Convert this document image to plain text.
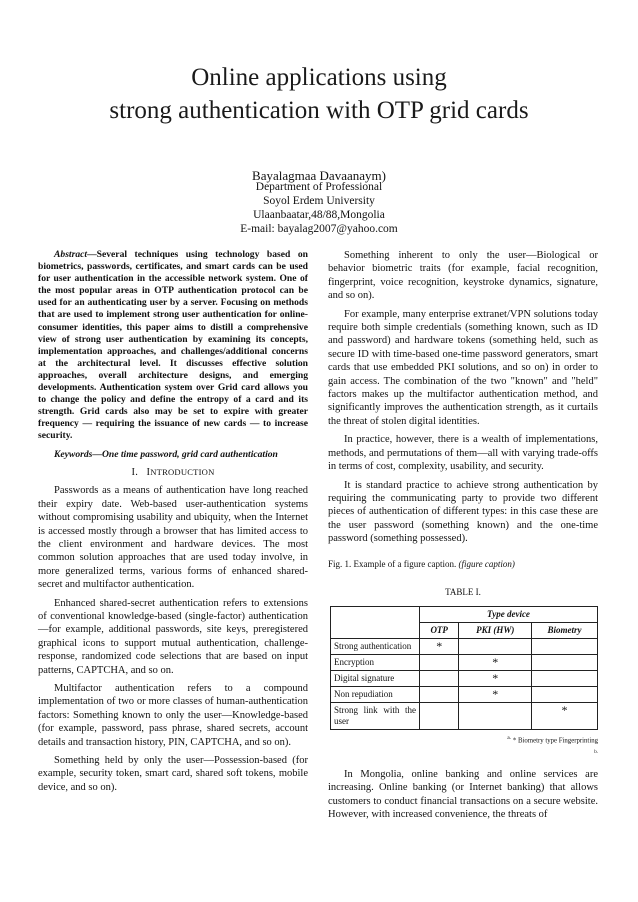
Online applications using
strong authentication with OTP grid cards
Bayalagmaa Davaanaym)
Department of Professional
Soyol Erdem University
Ulaanbaatar,48/88,Mongolia
E-mail: bayalag2007@yahoo.com

Abstract—Several techniques using technology based on biometrics, passwords, certificates, and smart cards can be used for user authentication in the accessible network system. One of the most popular areas in OTP authentication protocol can be used for an authenticating user by a server. Focusing on methods that are used to implement strong user authentication for online-consumer identities, this paper aims to distill a comprehensive view of strong user authentication by examining its concepts, implementation approaches, and challenges/additional concerns at the architectural level. It discusses effective solution approaches, overall architecture designs, and emerging developments. Authentication system over Grid card allows you to change the policy and define the entropy of a card and its strength. Grid cards also may be set to expire with greater frequency — requiring the issuance of new cards — to increase security.

Keywords—One time password, grid card authentication

I. INTRODUCTION

Passwords as a means of authentication have long reached their expiry date. Web-based user-authentication systems without compromising usability and ubiquity, when the Internet is accessed mostly through a browser that has limited access to the client environment and hardware devices. The most common solution approaches that are used today involve, in more generalized terms, various forms of enhanced shared-secret and multifactor authentication.

Enhanced shared-secret authentication refers to extensions of conventional knowledge-based (single-factor) authentication—for example, additional passwords, site keys, preregistered graphical icons to support mutual authentication, challenge-response, randomized code selections that are based on input patterns, CAPTCHA, and so on.

Multifactor authentication refers to a compound implementation of two or more classes of human-authentication factors: Something known to only the user—Knowledge-based (for example, password, pass phrase, shared secrets, account details and transaction history, PIN, CAPTCHA, and so on).

Something held by only the user—Possession-based (for example, security token, smart card, shared soft tokens, mobile device, and so on).

Something inherent to only the user—Biological or behavior biometric traits (for example, facial recognition, fingerprint, voice recognition, keystroke dynamics, signature, and so on).

For example, many enterprise extranet/VPN solutions today require both simple credentials (something known, such as ID and password) and hardware tokens (something held, such as secure ID with time-based one-time password generators, smart cards that use embedded PKI solutions, and so on) in order to gain access. The combination of the two "known" and "held" factors makes up the multifactor authentication method, and significantly improves the authentication strength, as it curtails the threat of stolen digital identities.

In practice, however, there is a wealth of implementations, methods, and permutations of them—all with varying trade-offs in terms of cost, complexity, usability, and security.

It is standard practice to achieve strong authentication by requiring the communicating party to provide two different pieces of authentication of different types: in this case these are the user password (something known) and the one-time password (something possessed).

Fig. 1. Example of a figure caption. (figure caption)

TABLE I.

	Type device		
	OTP	PKI (HW)	Biometry
Strong authentication	*		
Encryption		*	
Digital signature		*	
Non repudiation		*	
Strong link with the user			*

$^{a.}$ * Biometry type Fingerprinting

b.

In Mongolia, online banking and online services are increasing. Online banking (or Internet banking) that allows customers to conduct financial transactions on a secure website. However, with increased convenience, the threats of
